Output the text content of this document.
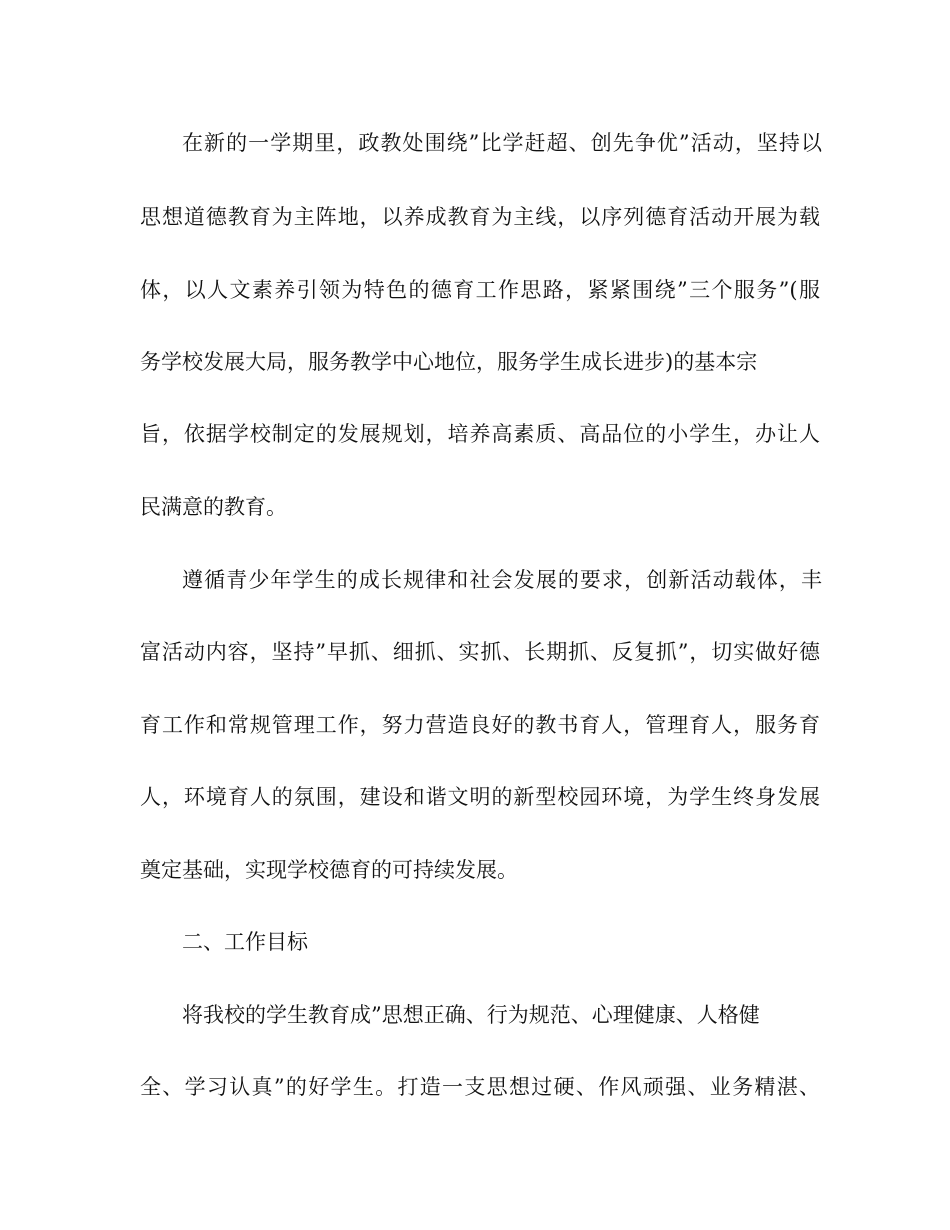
在新的一学期里，政教处围绕”比学赶超、创先争优”活动，坚持以
思想道德教育为主阵地，以养成教育为主线，以序列德育活动开展为载
体，以人文素养引领为特色的德育工作思路，紧紧围绕”三个服务”(服
务学校发展大局，服务教学中心地位，服务学生成长进步)的基本宗
旨，依据学校制定的发展规划，培养高素质、高品位的小学生，办让人
民满意的教育。
遵循青少年学生的成长规律和社会发展的要求，创新活动载体，丰
富活动内容，坚持”早抓、细抓、实抓、长期抓、反复抓”，切实做好德
育工作和常规管理工作，努力营造良好的教书育人，管理育人，服务育
人，环境育人的氛围，建设和谐文明的新型校园环境，为学生终身发展
奠定基础，实现学校德育的可持续发展。
二、工作目标
将我校的学生教育成”思想正确、行为规范、心理健康、人格健
全、学习认真”的好学生。打造一支思想过硬、作风顽强、业务精湛、
